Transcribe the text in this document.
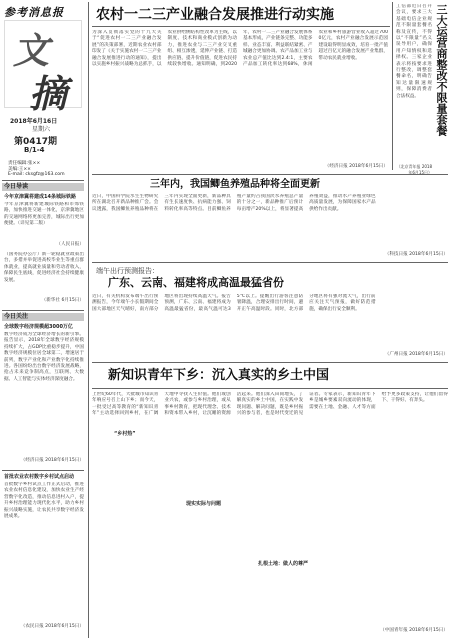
参考消息报
文
摘
2018年6月16日
星期六
第0417期
B/1-4
责任编辑:张××
美编:王××
E-mail: cksgfz@163.com
今日导读
今年京津冀将建成14条城际铁路
今年京津冀将新建城际铁路和市郊铁路，加快推进交通一体化，京津冀地区的交通网络将更加完善，城际出行更加便捷。（详见第二版）
（人民日报）
（国务院办公厅）新一轮稳就业政策出台，多措并举促进高校毕业生等重点群体就业，提高就业质量和劳动者收入，保障民生底线，促进经济社会持续健康发展。
（新华社 6月15日）
今日关注
全球数字经济规模超3000万亿
数字经济成为全球经济增长的新引擎。报告显示，2018年全球数字经济规模持续扩大，占GDP比重稳步提升，中国数字经济规模位居全球第二，增速居于前列，数字产业化和产业数字化持续推进。各国纷纷出台数字经济发展战略，抢占未来竞争制高点，互联网、大数据、人工智能与实体经济深度融合。
（经济日报 2018年6月15日）
首批农业农村数字乡村试点启动
首批数字乡村试点工作正式启动，推进农业农村信息化建设，加快农业生产经营数字化改造，推动信息进村入户，提升乡村治理能力现代化水平，助力乡村振兴战略实施，让农民共享数字经济发展成果。
（农民日报 2018年6月15日）
农村一二三产业融合发展推进行动实施
为深入贯彻落实党的十九大关于“促进农村一二三产业融合发展”的决策部署，近期农业农村部印发了《关于实施农村一二三产业融合发展推进行动的通知》，提出以实施乡村振兴战略为总抓手，以农业供给侧结构性改革为主线，以制度、技术和商业模式创新为动力，推进农业与二三产业交叉重组、相互渗透，延伸产业链、打造供应链、提升价值链，促进农民持续较快增收。通知明确，到2020年，农村一二三产业融合发展体系基本形成，产业链条完整、功能多样、业态丰富、利益联结紧密、产城融合更加协调。农产品加工业与农业总产值比达到2.4:1，主要农产品加工转化率达到68%，休闲农业和乡村旅游营业收入超过7000亿元，农村产业融合发展示范园建设取得明显成效，培育一批产值超过百亿元的融合发展产业集群，带动农民就业增收。
（经济日报 2018年6月15日）
工信部近日召开会议，要求三大基础电信企业规范不限量套餐名称及宣传，不得以“不限量”名义误导用户，确保用户知情权和选择权。三家企业表示将按要求进行整改，调整套餐命名，明确告知达量限速规则，保障消费者合法权益。	三大运营商整改不限量套餐
（北京青年报 2018年6月15日）
三年内，我国鲫鱼养殖品种将全面更新
近日，中国科学院水生生物研究所在湖北召开新品种推广会。会议透露，我国鲫鱼养殖品种将在三年内实现全面更新，新品种具有生长速度快、抗病能力强、饲料转化率高等特点。目前鲫鱼养殖产量约占我国淡水养殖总产量的十分之一，新品种推广后预计每亩增产20%以上，将显著提高养殖效益，推动水产养殖业绿色高质量发展，为保障国家水产品供给作出贡献。
（科技日报 2018年6月15日）
端午出行预测报告：
广东、云南、福建将成高温最猛省份
近日，有关机构发布端午出行预测报告，今年端午小长假期间全国大部地区天气晴好，南方部分地区将出现持续高温天气。报告预测，广东、云南、福建将成为高温最猛省份，最高气温可达35℃以上。提醒出行游客注意防暑降温，合理安排出行时间，避开正午高温时段。同时，北方部分地区将有强对流天气，出行前应关注天气预报，做好防范措施，确保出行安全顺利。
（广州日报 2018年6月15日）
新知识青年下乡：沉入真实的乡土中国
上世纪60年代，大批城市知识青年响应号召上山下乡；而今天，一批受过高等教育的“新知识青年”主动选择回到乡村，在广阔天地中寻找人生价值。他们或创业兴农，或参与乡村治理，或从事乡村教育，把现代理念、技术和资本带入乡村，让沉睡的资源活起来。他们深入田间地头，了解真实的乡土中国，在实践中发现问题、解决问题，既是乡村振兴的参与者，也是时代变迁的见证者。专家表示，新知识青年下乡是城乡要素双向流动的体现，需要在土地、金融、人才等方面给予更多政策支持，让他们留得下、干得好、有奔头。
“乡村热”
现实实际与问题
扎根土地：做人的尊严
（中国青年报 2018年6月15日）
